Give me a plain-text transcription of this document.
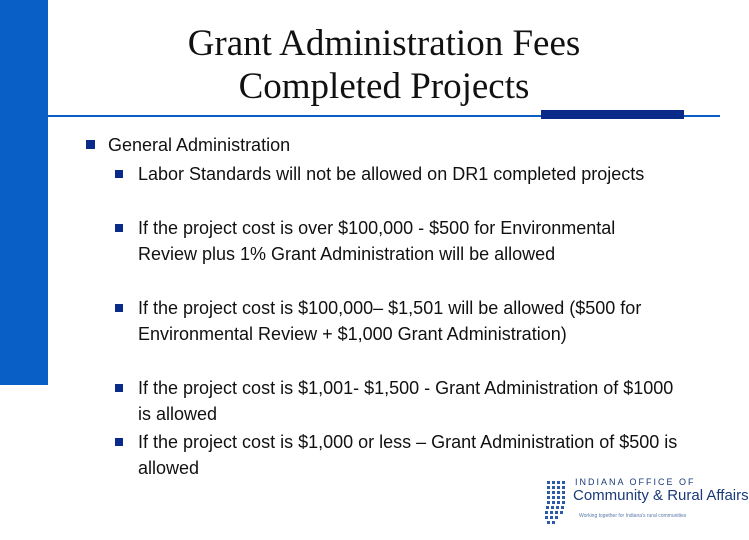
Grant Administration Fees
Completed Projects
General Administration
Labor Standards will not be allowed on DR1 completed projects
If the project cost is over $100,000 - $500 for Environmental Review plus 1% Grant Administration will be allowed
If the project cost is $100,000– $1,501 will be allowed ($500 for Environmental Review + $1,000 Grant Administration)
If the project cost is $1,001- $1,500 - Grant Administration of $1000 is allowed
If the project cost is $1,000 or less – Grant Administration of $500 is allowed
INDIANA OFFICE OF
Community & Rural Affairs
Working together for Indiana's rural communities
